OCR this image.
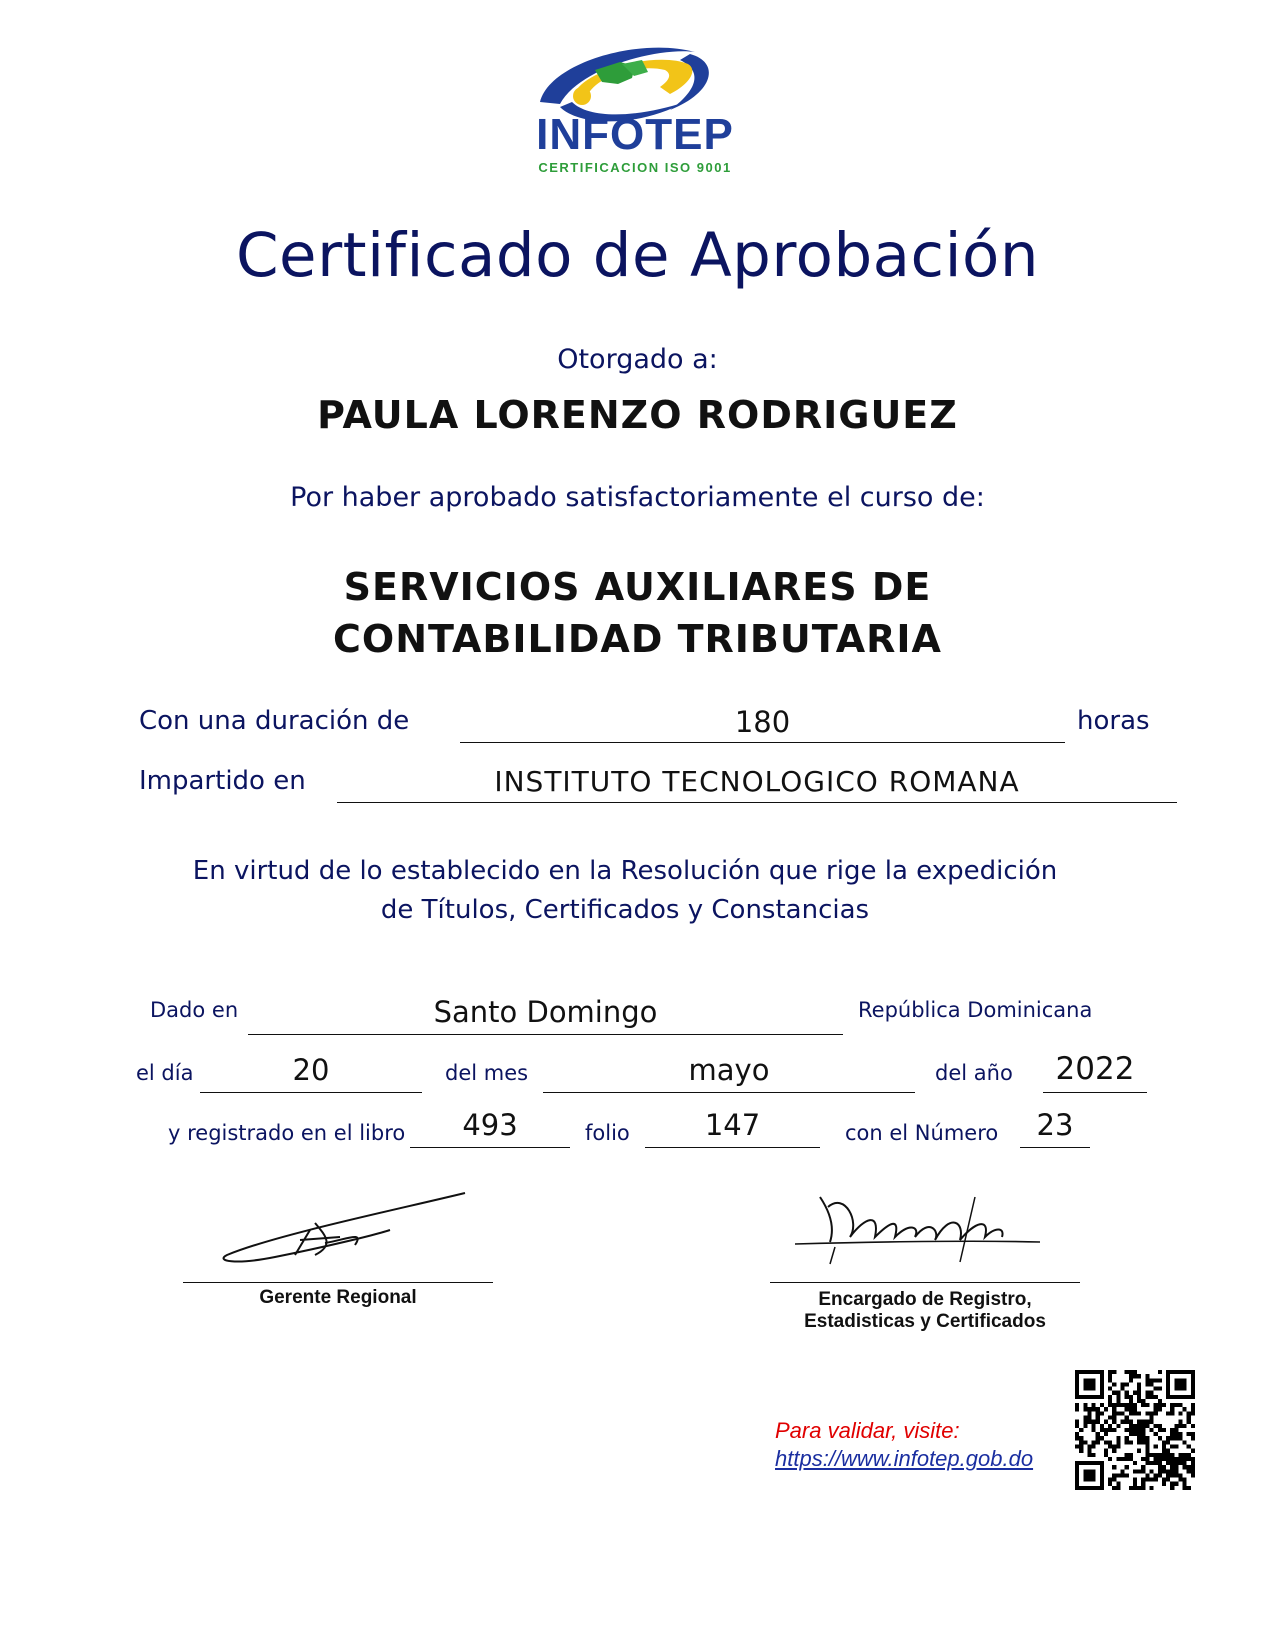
INFOTEP
CERTIFICACION ISO 9001
Certificado de Aprobación
Otorgado a:
PAULA LORENZO RODRIGUEZ
Por haber aprobado satisfactoriamente el curso de:
SERVICIOS AUXILIARES DE
CONTABILIDAD TRIBUTARIA
Con una duración de	180	horas
Impartido en	INSTITUTO TECNOLOGICO ROMANA
En virtud de lo establecido en la Resolución que rige la expedición
de Títulos, Certificados y Constancias
Dado en	Santo Domingo	República Dominicana
el día	20	del mes	mayo	del año	2022
y registrado en el libro	493	folio	147	con el Número	23
Gerente Regional	Encargado de Registro,
Estadisticas y Certificados
Para validar, visite:
https://www.infotep.gob.do
